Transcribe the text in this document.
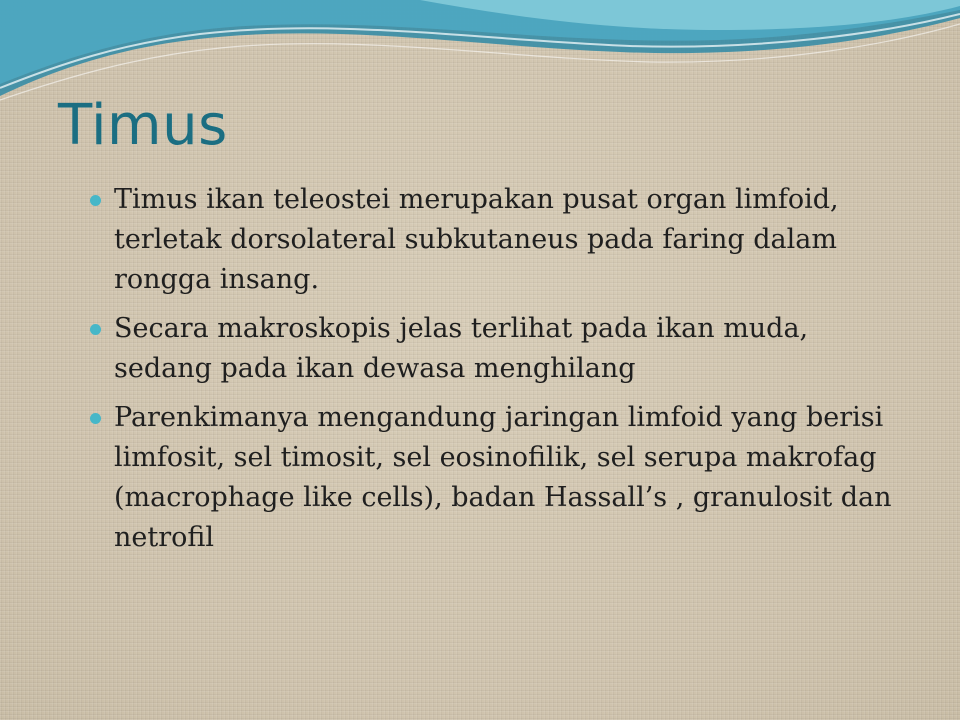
Timus
Timus ikan teleostei merupakan pusat organ limfoid, terletak dorsolateral subkutaneus pada faring dalam rongga insang.
Secara makroskopis jelas terlihat pada ikan muda, sedang pada ikan dewasa menghilang
Parenkimanya mengandung jaringan limfoid yang berisi limfosit, sel timosit, sel eosinofilik, sel serupa makrofag (macrophage like cells), badan Hassall’s , granulosit dan netrofil
